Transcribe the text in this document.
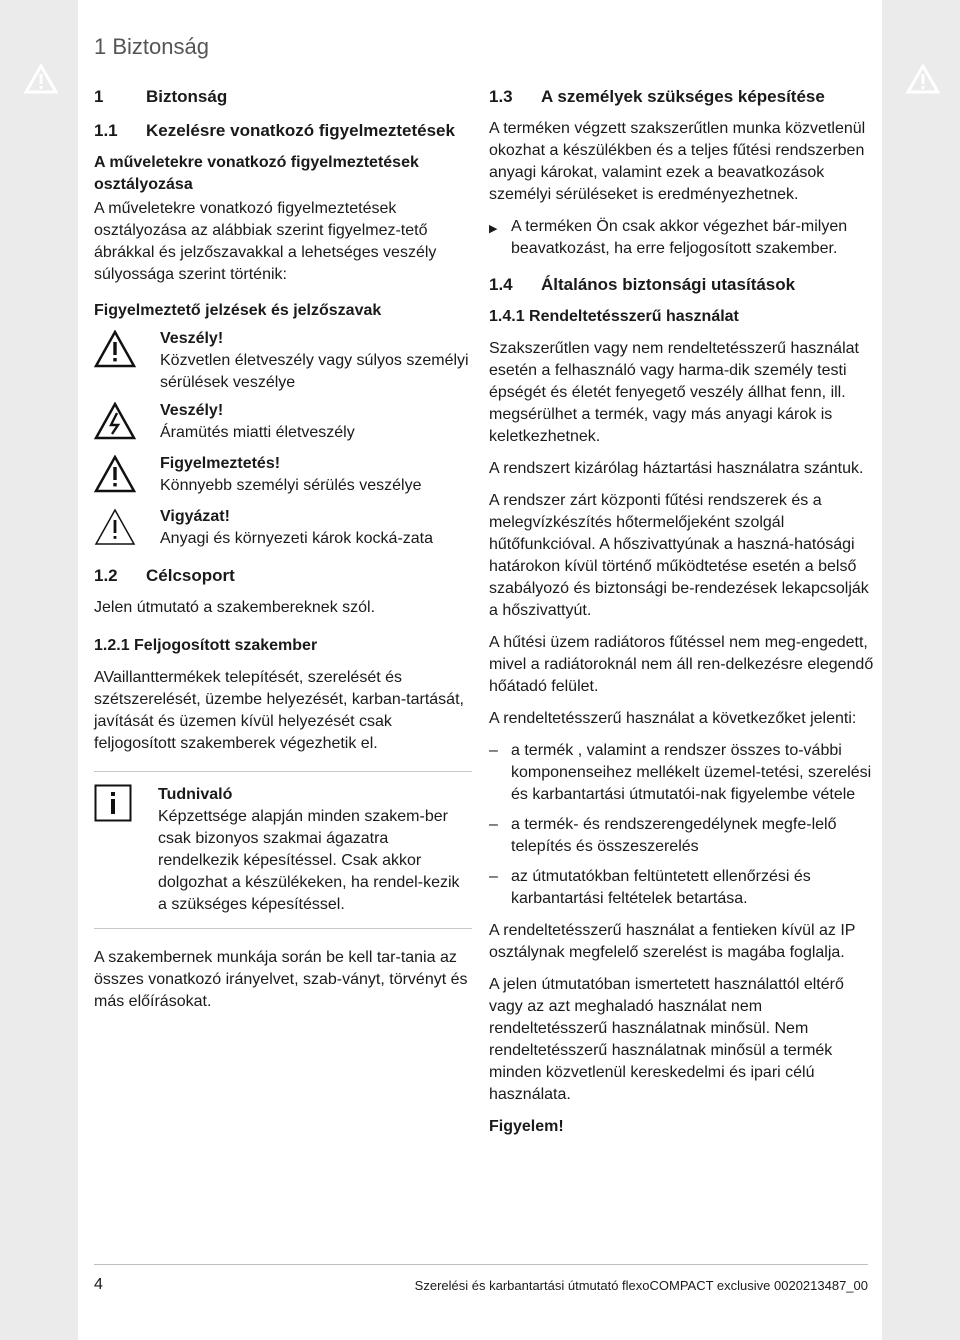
1 Biztonság
1	Biztonság
1.1	Kezelésre vonatkozó figyelmeztetések
A műveletekre vonatkozó figyelmeztetések osztályozása
A műveletekre vonatkozó figyelmeztetések osztályozása az alábbiak szerint figyelmez-tető ábrákkal és jelzőszavakkal a lehetséges veszély súlyossága szerint történik:
Figyelmeztető jelzések és jelzőszavak
Veszély!
Közvetlen életveszély vagy súlyos személyi sérülések veszélye
Veszély!
Áramütés miatti életveszély
Figyelmeztetés!
Könnyebb személyi sérülés veszélye
Vigyázat!
Anyagi és környezeti károk kocká-zata
1.2	Célcsoport
Jelen útmutató a szakembereknek szól.
1.2.1 Feljogosított szakember
AVaillanttermékek telepítését, szerelését és szétszerelését, üzembe helyezését, karban-tartását, javítását és üzemen kívül helyezését csak feljogosított szakemberek végezhetik el.
Tudnivaló
Képzettsége alapján minden szakem-ber csak bizonyos szakmai ágazatra rendelkezik képesítéssel. Csak akkor dolgozhat a készülékeken, ha rendel-kezik a szükséges képesítéssel.
A szakembernek munkája során be kell tar-tania az összes vonatkozó irányelvet, szab-ványt, törvényt és más előírásokat.
1.3	A személyek szükséges képesítése
A terméken végzett szakszerűtlen munka közvetlenül okozhat a készülékben és a teljes fűtési rendszerben anyagi károkat, valamint ezek a beavatkozások személyi sérüléseket is eredményezhetnek.
▶ A terméken Ön csak akkor végezhet bár-milyen beavatkozást, ha erre feljogosított szakember.
1.4	Általános biztonsági utasítások
1.4.1 Rendeltetésszerű használat
Szakszerűtlen vagy nem rendeltetésszerű használat esetén a felhasználó vagy harma-dik személy testi épségét és életét fenyegető veszély állhat fenn, ill. megsérülhet a termék, vagy más anyagi károk is keletkezhetnek.
A rendszert kizárólag háztartási használatra szántuk.
A rendszer zárt központi fűtési rendszerek és a melegvízkészítés hőtermelőjeként szolgál hűtőfunkcióval. A hőszivattyúnak a haszná-hatósági határokon kívül történő működtetése esetén a belső szabályozó és biztonsági be-rendezések lekapcsolják a hőszivattyút.
A hűtési üzem radiátoros fűtéssel nem meg-engedett, mivel a radiátoroknál nem áll ren-delkezésre elegendő hőátadó felület.
A rendeltetésszerű használat a következőket jelenti:
– a termék , valamint a rendszer összes to-vábbi komponenseihez mellékelt üzemel-tetési, szerelési és karbantartási útmutatói-nak figyelembe vétele
– a termék- és rendszerengedélynek megfe-lelő telepítés és összeszerelés
– az útmutatókban feltüntetett ellenőrzési és karbantartási feltételek betartása.
A rendeltetésszerű használat a fentieken kívül az IP osztálynak megfelelő szerelést is magába foglalja.
A jelen útmutatóban ismertetett használattól eltérő vagy az azt meghaladó használat nem rendeltetésszerű használatnak minősül. Nem rendeltetésszerű használatnak minősül a termék minden közvetlenül kereskedelmi és ipari célú használata.
Figyelem!
4	Szerelési és karbantartási útmutató flexoCOMPACT exclusive 0020213487_00
